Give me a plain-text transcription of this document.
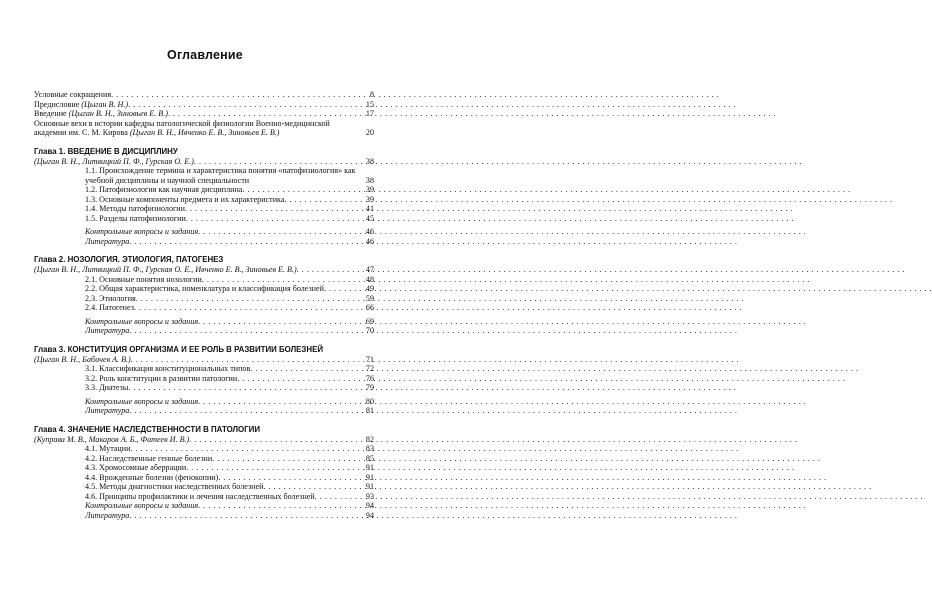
Оглавление
Условные сокращения . . .	8
Предисловие (Цыган В. Н.) . . .	15
Введение (Цыган В. Н., Зиновьев Е. В.) . . .	17
Основные вехи в истории кафедры патологической физиологии Военно-медицинской академии им. С. М. Кирова (Цыган В. Н., Ивченко Е. В., Зиновьев Е. В.)	20
Глава 1. ВВЕДЕНИЕ В ДИСЦИПЛИНУ
(Цыган В. Н., Литвицкий П. Ф., Гурская О. Е.) . . .	38
1.1. Происхождение термина и характеристика понятия «патофизиология» как учебной дисциплины и научной специальности	38
1.2. Патофизиология как научная дисциплина . . .	39
1.3. Основные компоненты предмета и их характеристика . . .	39
1.4. Методы патофизиологии . . .	41
1.5. Разделы патофизиологии . . .	45
Контрольные вопросы и задания . . .	46
Литература . . .	46
Глава 2. НОЗОЛОГИЯ. ЭТИОЛОГИЯ, ПАТОГЕНЕЗ
(Цыган В. Н., Литвицкий П. Ф., Гурская О. Е., Ивченко Е. В., Зиновьев Е. В.) . . .	47
2.1. Основные понятия нозологии . . .	48
2.2. Общая характеристика, номенклатура и классификация болезней . . .	49
2.3. Этиология . . .	59
2.4. Патогенез . . .	66
Контрольные вопросы и задания . . .	69
Литература . . .	70
Глава 3. КОНСТИТУЦИЯ ОРГАНИЗМА И ЕЕ РОЛЬ В РАЗВИТИИ БОЛЕЗНЕЙ
(Цыган В. Н., Бабичев А. В.) . . .	71
3.1. Классификация конституциональных типов . . .	72
3.2. Роль конституции в развитии патологии . . .	76
3.3. Диатезы . . .	79
Контрольные вопросы и задания . . .	80
Литература . . .	81
Глава 4. ЗНАЧЕНИЕ НАСЛЕДСТВЕННОСТИ В ПАТОЛОГИИ
(Куправа М. В., Макаров А. Б., Фатеев И. В.) . . .	82
4.1. Мутации . . .	83
4.2. Наследственные генные болезни . . .	85
4.3. Хромосомные аберрации . . .	91
4.4. Врожденные болезни (фенокопии) . . .	91
4.5. Методы диагностики наследственных болезней . . .	91
4.6. Принципы профилактики и лечения наследственных болезней . . .	93
Контрольные вопросы и задания . . .	94
Литература . . .	94
